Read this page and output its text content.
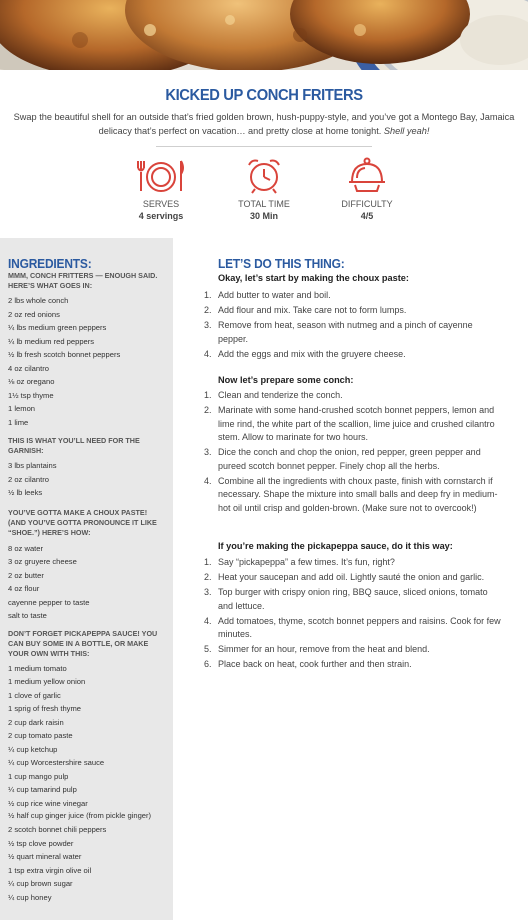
KICKED UP CONCH FRITERS
Swap the beautiful shell for an outside that’s fried golden brown, hush-puppy-style, and you’ve got a Montego Bay, Jamaica delicacy that’s perfect on vacation… and pretty close at home tonight. Shell yeah!
SERVES
4 servings
TOTAL TIME
30 Min
DIFFICULTY
4/5
INGREDIENTS:
MMM, CONCH FRITTERS — ENOUGH SAID. HERE’S WHAT GOES IN:
2 lbs whole conch
2 oz red onions
¼ lbs medium green peppers
¼ lb medium red peppers
½ lb fresh scotch bonnet peppers
4 oz cilantro
⅛ oz oregano
1½ tsp thyme
1 lemon
1 lime
THIS IS WHAT YOU’LL NEED FOR THE GARNISH:
3 lbs plantains
2 oz cilantro
½ lb leeks
YOU’VE GOTTA MAKE A CHOUX PASTE! (AND YOU’VE GOTTA PRONOUNCE IT LIKE “SHOE.”) HERE’S HOW:
8 oz water
3 oz gruyere cheese
2 oz butter
4 oz flour
cayenne pepper to taste
salt to taste
DON’T FORGET PICKAPEPPA SAUCE! YOU CAN BUY SOME IN A BOTTLE, OR MAKE YOUR OWN WITH THIS:
1 medium tomato
1 medium yellow onion
1 clove of garlic
1 sprig of fresh thyme
2 cup dark raisin
2 cup tomato paste
¼ cup ketchup
¼ cup Worcestershire sauce
1 cup mango pulp
¼ cup tamarind pulp
½ cup rice wine vinegar
½ half cup ginger juice (from pickle ginger)
2 scotch bonnet chili peppers
½ tsp clove powder
½ quart mineral water
1 tsp extra virgin olive oil
¼ cup brown sugar
¼ cup honey
LET’S DO THIS THING:
Okay, let’s start by making the choux paste:
1. Add butter to water and boil.
2. Add flour and mix. Take care not to form lumps.
3. Remove from heat, season with nutmeg and a pinch of cayenne pepper.
4. Add the eggs and mix with the gruyere cheese.
Now let’s prepare some conch:
1. Clean and tenderize the conch.
2. Marinate with some hand-crushed scotch bonnet peppers, lemon and lime rind, the white part of the scallion, lime juice and crushed cilantro stem. Allow to marinate for two hours.
3. Dice the conch and chop the onion, red pepper, green pepper and pureed scotch bonnet pepper. Finely chop all the herbs.
4. Combine all the ingredients with choux paste, finish with cornstarch if necessary. Shape the mixture into small balls and deep fry in medium-hot oil until crisp and golden-brown. (Make sure not to overcook!)
If you’re making the pickapeppa sauce, do it this way:
1. Say “pickapeppa” a few times. It’s fun, right?
2. Heat your saucepan and add oil. Lightly sauté the onion and garlic.
3. Top burger with crispy onion ring, BBQ sauce, sliced onions, tomato and lettuce.
4. Add tomatoes, thyme, scotch bonnet peppers and raisins. Cook for few minutes.
5. Simmer for an hour, remove from the heat and blend.
6. Place back on heat, cook further and then strain.
